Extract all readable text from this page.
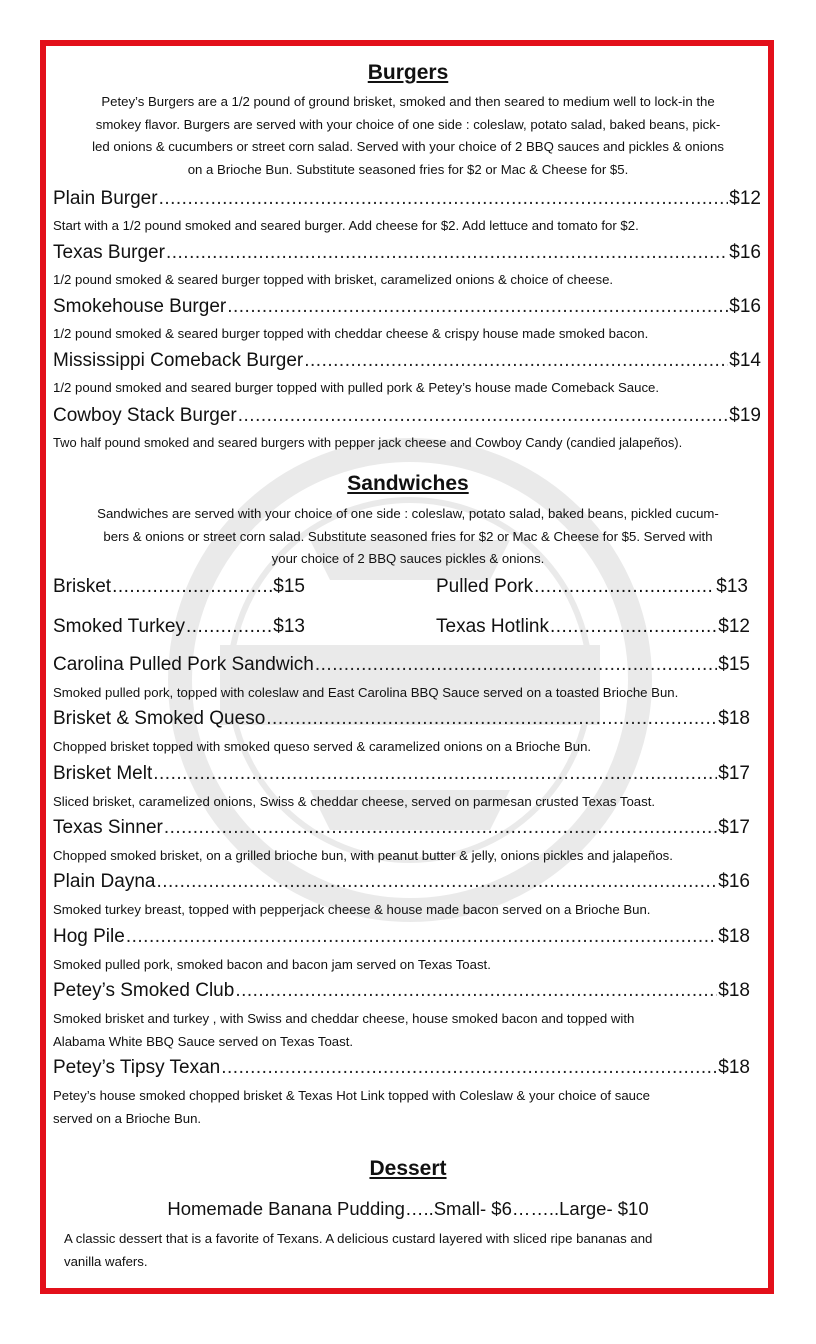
Burgers
Petey’s Burgers are a 1/2 pound of ground brisket, smoked and then seared to medium well to lock-in the
smokey flavor. Burgers are served with your choice of one side : coleslaw, potato salad, baked beans, pick-
led onions & cucumbers or street corn salad. Served with your choice of 2 BBQ sauces and pickles & onions
on a Brioche Bun. Substitute seasoned fries for $2 or Mac & Cheese for $5.
Plain Burger .....	$12

Start with a 1/2 pound smoked and seared burger. Add cheese for $2. Add lettuce and tomato for $2.

Texas Burger .....	$16

1/2 pound smoked & seared burger topped with brisket, caramelized onions & choice of cheese.

Smokehouse Burger .....	$16

1/2 pound smoked & seared burger topped with cheddar cheese & crispy house made smoked bacon.

Mississippi Comeback Burger .....	$14

1/2 pound smoked and seared burger topped with pulled pork & Petey’s house made Comeback Sauce.

Cowboy Stack Burger .....	$19

Two half pound smoked and seared burgers with pepper jack cheese and Cowboy Candy (candied jalapeños).

Sandwiches
Sandwiches are served with your choice of one side : coleslaw, potato salad, baked beans, pickled cucum-
bers & onions or street corn salad. Substitute seasoned fries for $2 or Mac & Cheese for $5. Served with
your choice of 2 BBQ sauces pickles & onions.
Brisket .....	$15	Pulled Pork .....	$13
Smoked Turkey .....	$13	Texas Hotlink .....	$12
Carolina Pulled Pork Sandwich .....	$15

Smoked pulled pork, topped with coleslaw and East Carolina BBQ Sauce served on a toasted Brioche Bun.

Brisket & Smoked Queso .....	$18

Chopped brisket topped with smoked queso served & caramelized onions on a Brioche Bun.

Brisket Melt .....	$17

Sliced brisket, caramelized onions, Swiss & cheddar cheese, served on parmesan crusted Texas Toast.

Texas Sinner .....	$17

Chopped smoked brisket, on a grilled brioche bun, with peanut butter & jelly, onions pickles and jalapeños.

Plain Dayna .....	$16

Smoked turkey breast, topped with pepperjack cheese & house made bacon served on a Brioche Bun.

Hog Pile .....	$18

Smoked pulled pork, smoked bacon and bacon jam served on Texas Toast.

Petey’s Smoked Club .....	$18
Smoked brisket and turkey , with Swiss and cheddar cheese, house smoked bacon and topped with
Alabama White BBQ Sauce served on Texas Toast.
Petey’s Tipsy Texan .....	$18
Petey’s house smoked chopped brisket & Texas Hot Link topped with Coleslaw & your choice of sauce
served on a Brioche Bun.
Dessert

Homemade Banana Pudding…..Small- $6……..Large- $10

A classic dessert that is a favorite of Texans. A delicious custard layered with sliced ripe bananas and
vanilla wafers.
